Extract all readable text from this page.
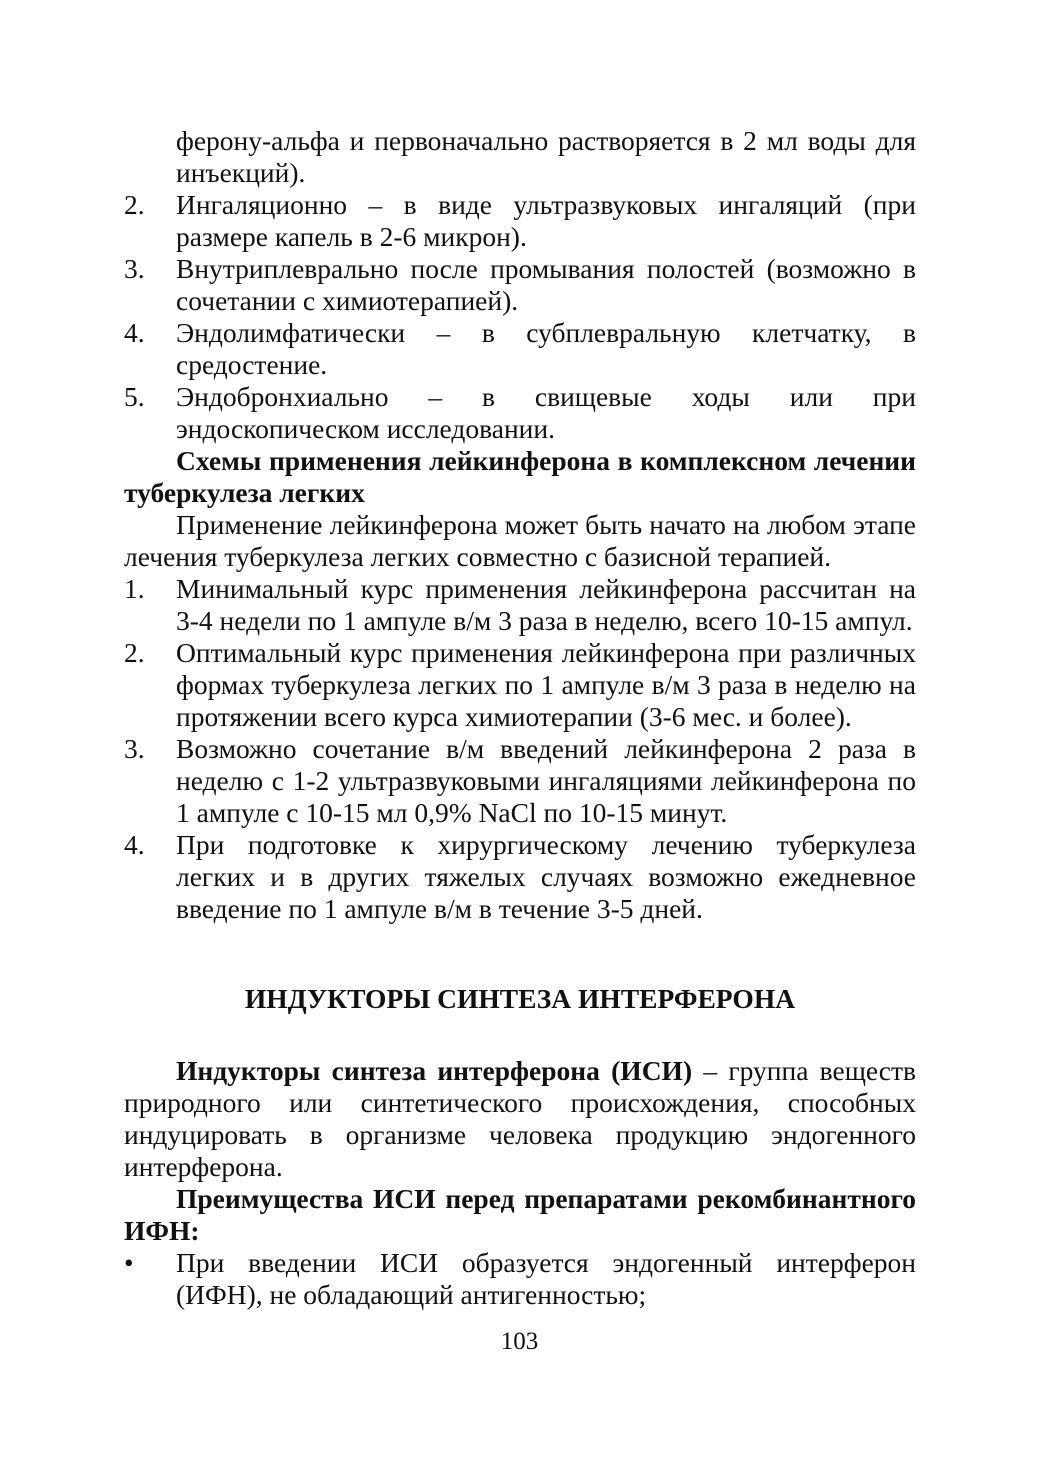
ферону-альфа и первоначально растворяется в 2 мл воды для инъекций).

2. Ингаляционно – в виде ультразвуковых ингаляций (при размере капель в 2-6 микрон).
3. Внутриплеврально после промывания полостей (возможно в сочетании с химиотерапией).
4. Эндолимфатически – в субплевральную клетчатку, в средостение.
5. Эндобронхиально – в свищевые ходы или при эндоскопическом исследовании.

Схемы применения лейкинферона в комплексном лечении туберкулеза легких

Применение лейкинферона может быть начато на любом этапе лечения туберкулеза легких совместно с базисной терапией.

1. Минимальный курс применения лейкинферона рассчитан на 3-4 недели по 1 ампуле в/м 3 раза в неделю, всего 10-15 ампул.
2. Оптимальный курс применения лейкинферона при различных формах туберкулеза легких по 1 ампуле в/м 3 раза в неделю на протяжении всего курса химиотерапии (3-6 мес. и более).
3. Возможно сочетание в/м введений лейкинферона 2 раза в неделю с 1-2 ультразвуковыми ингаляциями лейкинферона по 1 ампуле с 10-15 мл 0,9% NaCl по 10-15 минут.
4. При подготовке к хирургическому лечению туберкулеза легких и в других тяжелых случаях возможно ежедневное введение по 1 ампуле в/м в течение 3-5 дней.

ИНДУКТОРЫ СИНТЕЗА ИНТЕРФЕРОНА

Индукторы синтеза интерферона (ИСИ) – группа веществ природного или синтетического происхождения, способных индуцировать в организме человека продукцию эндогенного интерферона.

Преимущества ИСИ перед препаратами рекомбинантного ИФН:

• При введении ИСИ образуется эндогенный интерферон (ИФН), не обладающий антигенностью;
103
